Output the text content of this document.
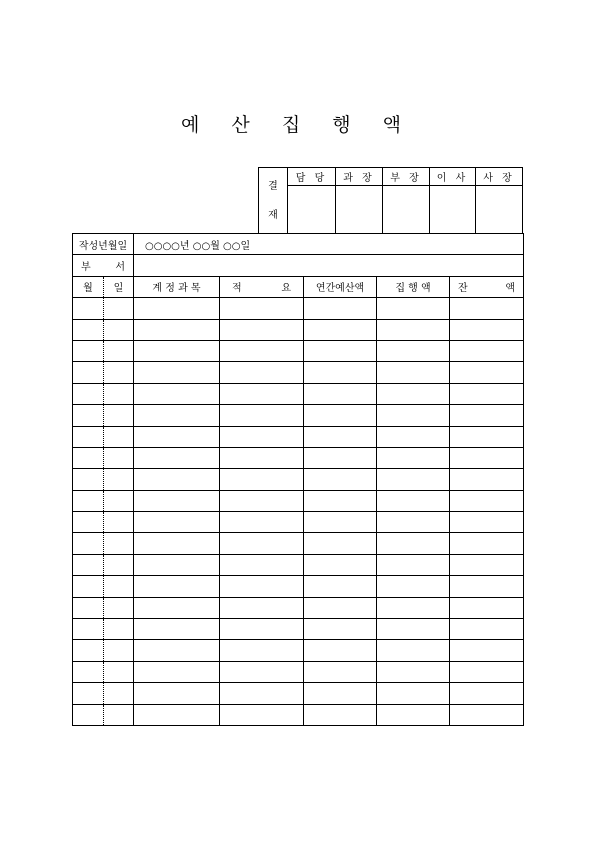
예 산 집 행 액
결
재	담 당	과 장	부 장	이 사	사 장

작성년월일		○○○○년 ○○월 ○○일				

부 서						

월	일	계 정 과 목	적 요	연간예산액	집 행 액	잔 액
